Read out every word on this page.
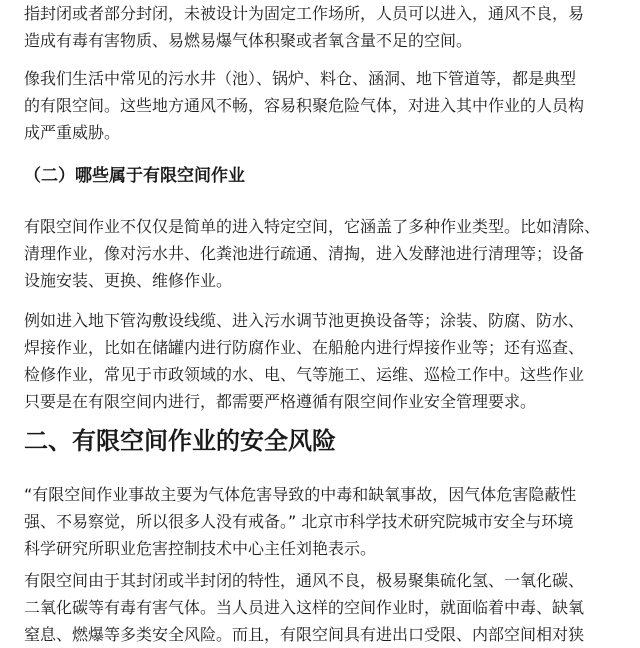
指封闭或者部分封闭，未被设计为固定工作场所，人员可以进入，通风不良，易
造成有毒有害物质、易燃易爆气体积聚或者氧含量不足的空间。
像我们生活中常见的污水井（池）、锅炉、料仓、涵洞、地下管道等，都是典型
的有限空间。这些地方通风不畅，容易积聚危险气体，对进入其中作业的人员构
成严重威胁。
（二）哪些属于有限空间作业
有限空间作业不仅仅是简单的进入特定空间，它涵盖了多种作业类型。比如清除、
清理作业，像对污水井、化粪池进行疏通、清掏，进入发酵池进行清理等；设备
设施安装、更换、维修作业。
例如进入地下管沟敷设线缆、进入污水调节池更换设备等；涂装、防腐、防水、
焊接作业，比如在储罐内进行防腐作业、在船舱内进行焊接作业等；还有巡查、
检修作业，常见于市政领域的水、电、气等施工、运维、巡检工作中。这些作业
只要是在有限空间内进行，都需要严格遵循有限空间作业安全管理要求。
二、有限空间作业的安全风险
“有限空间作业事故主要为气体危害导致的中毒和缺氧事故，因气体危害隐蔽性
强、不易察觉，所以很多人没有戒备。” 北京市科学技术研究院城市安全与环境
科学研究所职业危害控制技术中心主任刘艳表示。
有限空间由于其封闭或半封闭的特性，通风不良，极易聚集硫化氢、一氧化碳、
二氧化碳等有毒有害气体。当人员进入这样的空间作业时，就面临着中毒、缺氧
窒息、燃爆等多类安全风险。而且，有限空间具有进出口受限、内部空间相对狭
